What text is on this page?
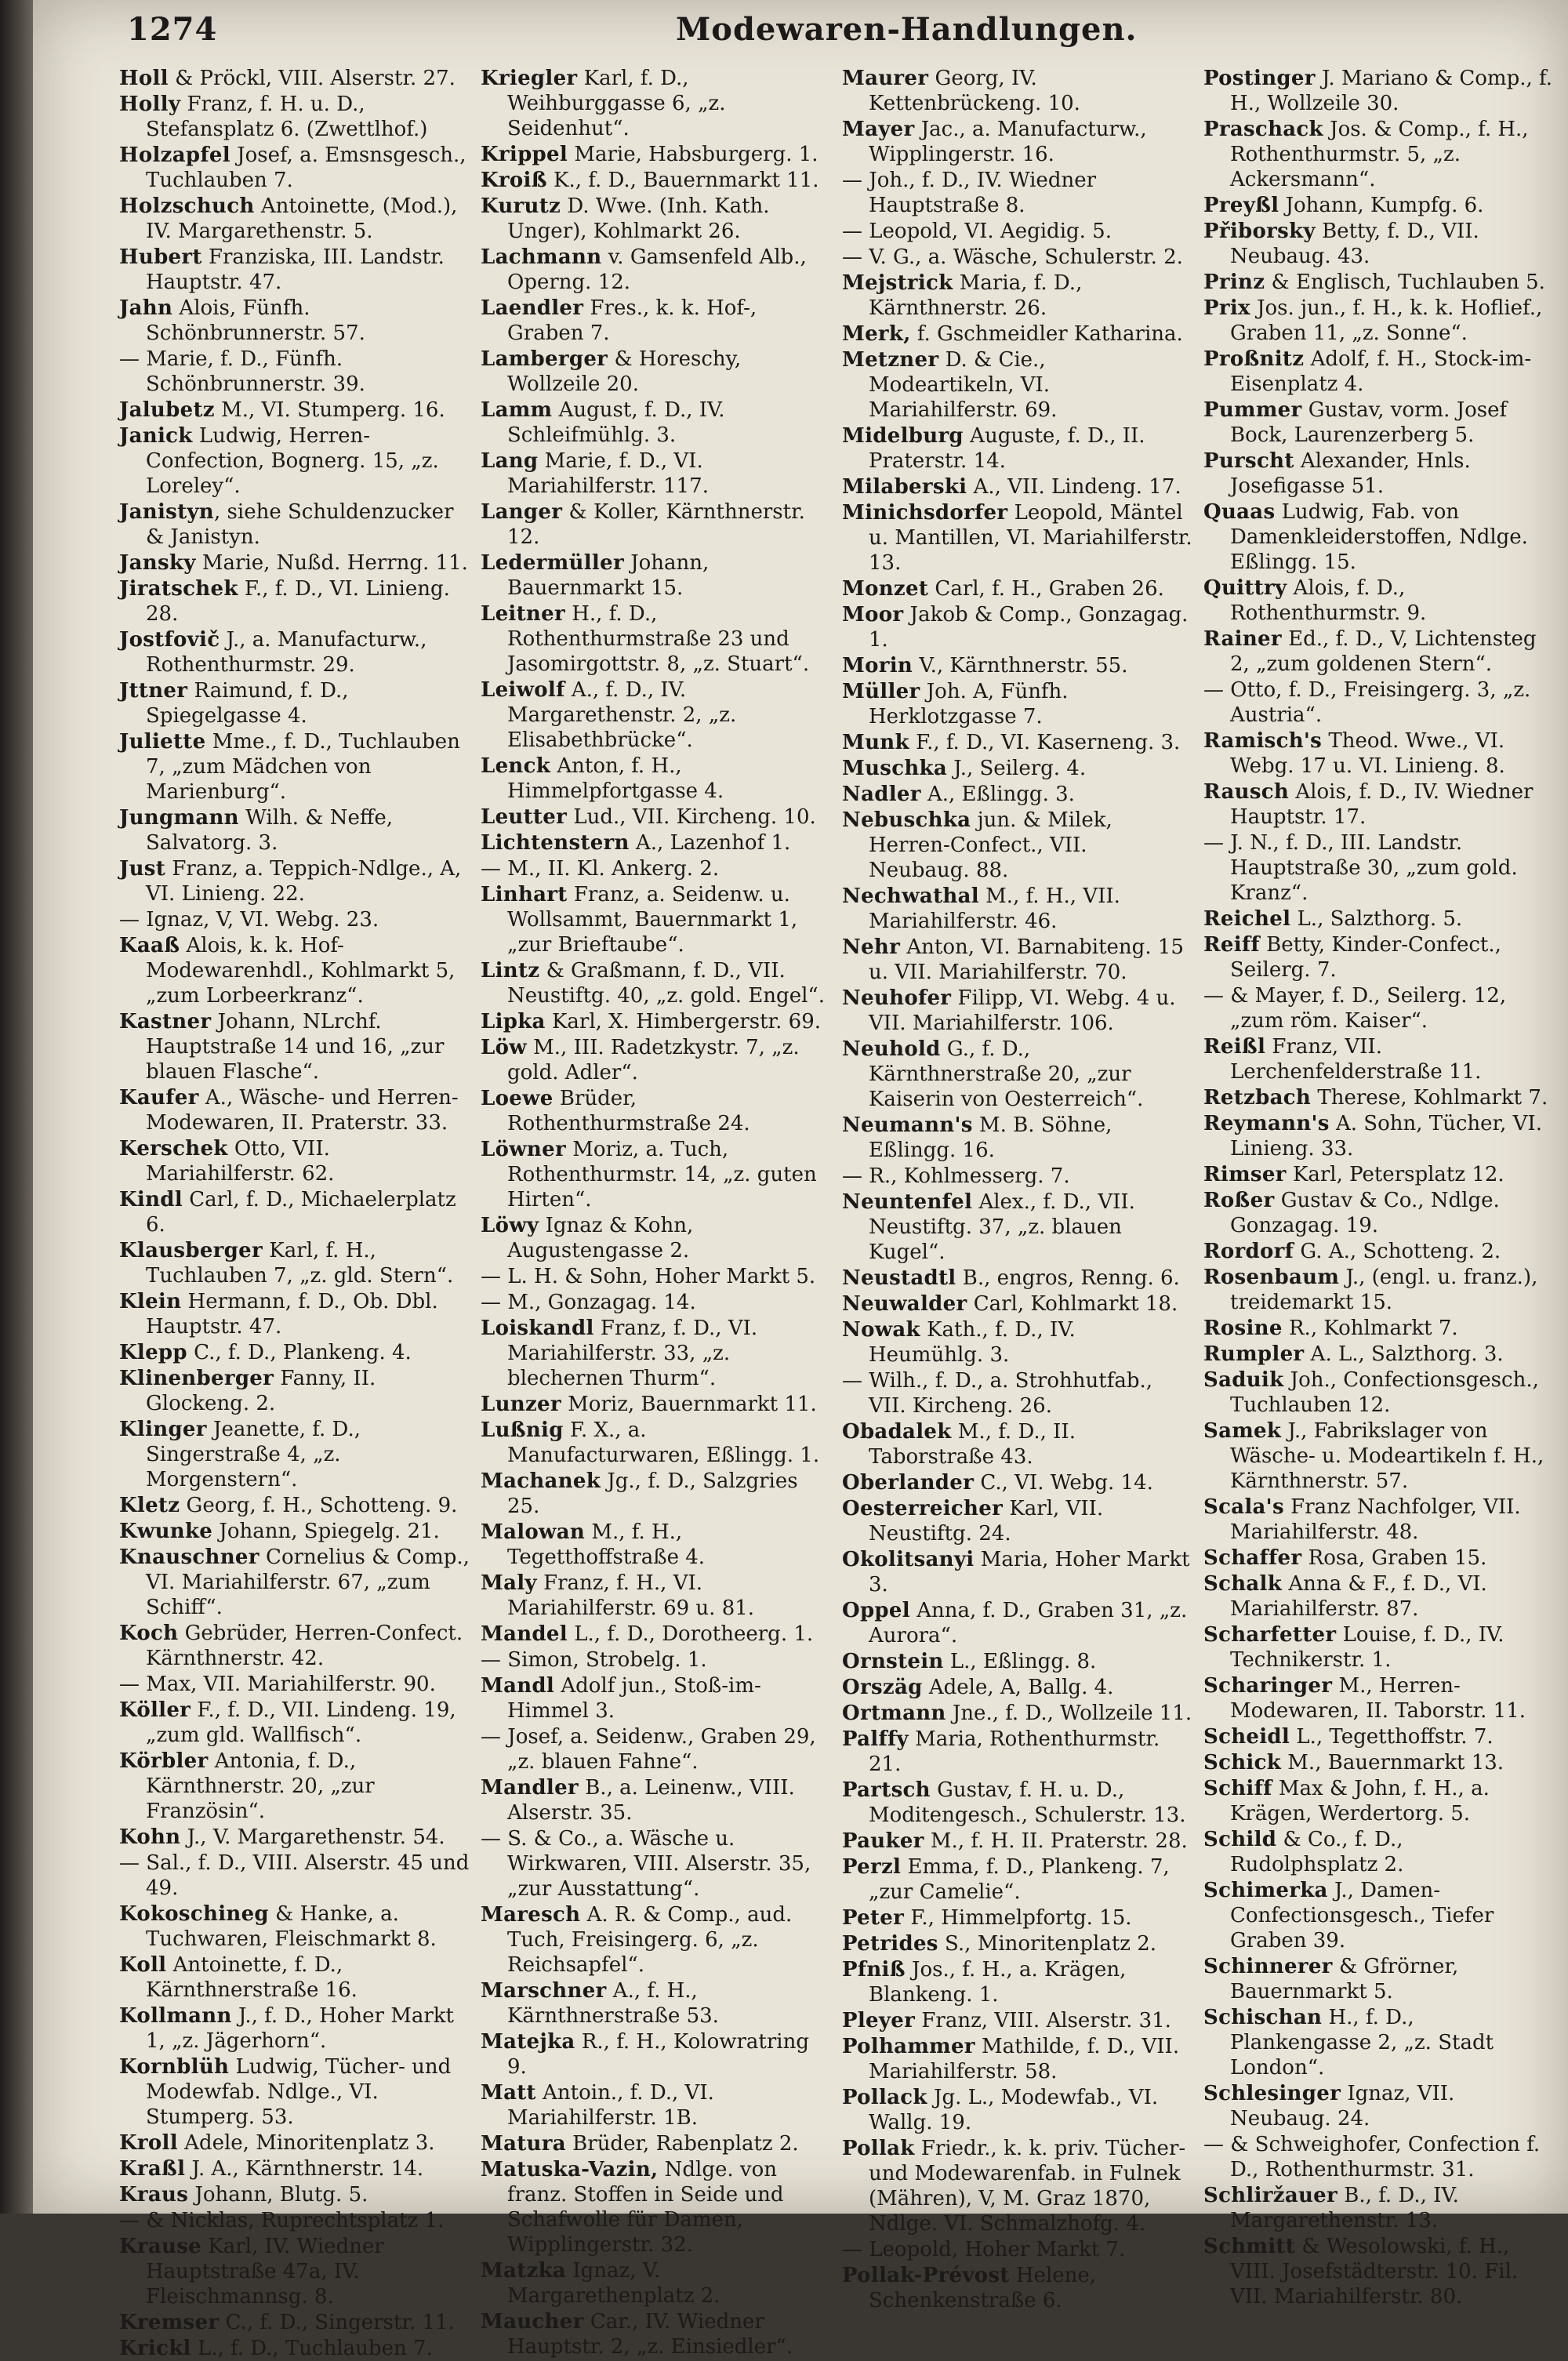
1274	Modewaren-Handlungen.
Holl & Pröckl, VIII. Alserstr. 27.
Holly Franz, f. H. u. D., Stefansplatz 6. (Zwettlhof.)
Holzapfel Josef, a. Emsnsgesch., Tuchlauben 7.
Holzschuch Antoinette, (Mod.), IV. Margarethenstr. 5.
Hubert Franziska, III. Landstr. Hauptstr. 47.
Jahn Alois, Fünfh. Schönbrunnerstr. 57.
— Marie, f. D., Fünfh. Schönbrunnerstr. 39.
Jalubetz M., VI. Stumperg. 16.
Janick Ludwig, Herren-Confection, Bognerg. 15, „z. Loreley“.
Janistyn, siehe Schuldenzucker & Janistyn.
Jansky Marie, Nußd. Herrng. 11.
Jiratschek F., f. D., VI. Linieng. 28.
Jostfovič J., a. Manufacturw., Rothenthurmstr. 29.
Jttner Raimund, f. D., Spiegelgasse 4.
Juliette Mme., f. D., Tuchlauben 7, „zum Mädchen von Marienburg“.
Jungmann Wilh. & Neffe, Salvatorg. 3.
Just Franz, a. Teppich-Ndlge., A, VI. Linieng. 22.
— Ignaz, V, VI. Webg. 23.
Kaaß Alois, k. k. Hof-Modewarenhdl., Kohlmarkt 5, „zum Lorbeerkranz“.
Kastner Johann, NLrchf. Hauptstraße 14 und 16, „zur blauen Flasche“.
Kaufer A., Wäsche- und Herren-Modewaren, II. Praterstr. 33.
Kerschek Otto, VII. Mariahilferstr. 62.
Kindl Carl, f. D., Michaelerplatz 6.
Klausberger Karl, f. H., Tuchlauben 7, „z. gld. Stern“.
Klein Hermann, f. D., Ob. Dbl. Hauptstr. 47.
Klepp C., f. D., Plankeng. 4.
Klinenberger Fanny, II. Glockeng. 2.
Klinger Jeanette, f. D., Singerstraße 4, „z. Morgenstern“.
Kletz Georg, f. H., Schotteng. 9.
Kwunke Johann, Spiegelg. 21.
Knauschner Cornelius & Comp., VI. Mariahilferstr. 67, „zum Schiff“.
Koch Gebrüder, Herren-Confect. Kärnthnerstr. 42.
— Max, VII. Mariahilferstr. 90.
Köller F., f. D., VII. Lindeng. 19, „zum gld. Wallfisch“.
Körbler Antonia, f. D., Kärnthnerstr. 20, „zur Französin“.
Kohn J., V. Margarethenstr. 54.
— Sal., f. D., VIII. Alserstr. 45 und 49.
Kokoschineg & Hanke, a. Tuchwaren, Fleischmarkt 8.
Koll Antoinette, f. D., Kärnthnerstraße 16.
Kollmann J., f. D., Hoher Markt 1, „z. Jägerhorn“.
Kornblüh Ludwig, Tücher- und Modewfab. Ndlge., VI. Stumperg. 53.
Kroll Adele, Minoritenplatz 3.
Kraßl J. A., Kärnthnerstr. 14.
Kraus Johann, Blutg. 5.
— & Nicklas, Ruprechtsplatz 1.
Krause Karl, IV. Wiedner Hauptstraße 47a, IV. Fleischmannsg. 8.
Kremser C., f. D., Singerstr. 11.
Krickl L., f. D., Tuchlauben 7.
Kriegler Karl, f. D., Weihburggasse 6, „z. Seidenhut“.
Krippel Marie, Habsburgerg. 1.
Kroiß K., f. D., Bauernmarkt 11.
Kurutz D. Wwe. (Inh. Kath. Unger), Kohlmarkt 26.
Lachmann v. Gamsenfeld Alb., Operng. 12.
Laendler Fres., k. k. Hof-, Graben 7.
Lamberger & Horeschy, Wollzeile 20.
Lamm August, f. D., IV. Schleifmühlg. 3.
Lang Marie, f. D., VI. Mariahilferstr. 117.
Langer & Koller, Kärnthnerstr. 12.
Ledermüller Johann, Bauernmarkt 15.
Leitner H., f. D., Rothenthurmstraße 23 und Jasomirgottstr. 8, „z. Stuart“.
Leiwolf A., f. D., IV. Margarethenstr. 2, „z. Elisabethbrücke“.
Lenck Anton, f. H., Himmelpfortgasse 4.
Leutter Lud., VII. Kircheng. 10.
Lichtenstern A., Lazenhof 1.
— M., II. Kl. Ankerg. 2.
Linhart Franz, a. Seidenw. u. Wollsammt, Bauernmarkt 1, „zur Brieftaube“.
Lintz & Graßmann, f. D., VII. Neustiftg. 40, „z. gold. Engel“.
Lipka Karl, X. Himbergerstr. 69.
Löw M., III. Radetzkystr. 7, „z. gold. Adler“.
Loewe Brüder, Rothenthurmstraße 24.
Löwner Moriz, a. Tuch, Rothenthurmstr. 14, „z. guten Hirten“.
Löwy Ignaz & Kohn, Augustengasse 2.
— L. H. & Sohn, Hoher Markt 5.
— M., Gonzagag. 14.
Loiskandl Franz, f. D., VI. Mariahilferstr. 33, „z. blechernen Thurm“.
Lunzer Moriz, Bauernmarkt 11.
Lußnig F. X., a. Manufacturwaren, Eßlingg. 1.
Machanek Jg., f. D., Salzgries 25.
Malowan M., f. H., Tegetthoffstraße 4.
Maly Franz, f. H., VI. Mariahilferstr. 69 u. 81.
Mandel L., f. D., Dorotheerg. 1.
— Simon, Strobelg. 1.
Mandl Adolf jun., Stoß-im-Himmel 3.
— Josef, a. Seidenw., Graben 29, „z. blauen Fahne“.
Mandler B., a. Leinenw., VIII. Alserstr. 35.
— S. & Co., a. Wäsche u. Wirkwaren, VIII. Alserstr. 35, „zur Ausstattung“.
Maresch A. R. & Comp., aud. Tuch, Freisingerg. 6, „z. Reichsapfel“.
Marschner A., f. H., Kärnthnerstraße 53.
Matejka R., f. H., Kolowratring 9.
Matt Antoin., f. D., VI. Mariahilferstr. 1B.
Matura Brüder, Rabenplatz 2.
Matuska-Vazin, Ndlge. von franz. Stoffen in Seide und Schafwolle für Damen, Wipplingerstr. 32.
Matzka Ignaz, V. Margarethenplatz 2.
Maucher Car., IV. Wiedner Hauptstr. 2, „z. Einsiedler“.
Maurer Georg, IV. Kettenbrückeng. 10.
Mayer Jac., a. Manufacturw., Wipplingerstr. 16.
— Joh., f. D., IV. Wiedner Hauptstraße 8.
— Leopold, VI. Aegidig. 5.
— V. G., a. Wäsche, Schulerstr. 2.
Mejstrick Maria, f. D., Kärnthnerstr. 26.
Merk, f. Gschmeidler Katharina.
Metzner D. & Cie., Modeartikeln, VI. Mariahilferstr. 69.
Midelburg Auguste, f. D., II. Praterstr. 14.
Milaberski A., VII. Lindeng. 17.
Minichsdorfer Leopold, Mäntel u. Mantillen, VI. Mariahilferstr. 13.
Monzet Carl, f. H., Graben 26.
Moor Jakob & Comp., Gonzagag. 1.
Morin V., Kärnthnerstr. 55.
Müller Joh. A, Fünfh. Herklotzgasse 7.
Munk F., f. D., VI. Kaserneng. 3.
Muschka J., Seilerg. 4.
Nadler A., Eßlingg. 3.
Nebuschka jun. & Milek, Herren-Confect., VII. Neubaug. 88.
Nechwathal M., f. H., VII. Mariahilferstr. 46.
Nehr Anton, VI. Barnabiteng. 15 u. VII. Mariahilferstr. 70.
Neuhofer Filipp, VI. Webg. 4 u. VII. Mariahilferstr. 106.
Neuhold G., f. D., Kärnthnerstraße 20, „zur Kaiserin von Oesterreich“.
Neumann's M. B. Söhne, Eßlingg. 16.
— R., Kohlmesserg. 7.
Neuntenfel Alex., f. D., VII. Neustiftg. 37, „z. blauen Kugel“.
Neustadtl B., engros, Renng. 6.
Neuwalder Carl, Kohlmarkt 18.
Nowak Kath., f. D., IV. Heumühlg. 3.
— Wilh., f. D., a. Strohhutfab., VII. Kircheng. 26.
Obadalek M., f. D., II. Taborstraße 43.
Oberlander C., VI. Webg. 14.
Oesterreicher Karl, VII. Neustiftg. 24.
Okolitsanyi Maria, Hoher Markt 3.
Oppel Anna, f. D., Graben 31, „z. Aurora“.
Ornstein L., Eßlingg. 8.
Orszäg Adele, A, Ballg. 4.
Ortmann Jne., f. D., Wollzeile 11.
Palffy Maria, Rothenthurmstr. 21.
Partsch Gustav, f. H. u. D., Moditengesch., Schulerstr. 13.
Pauker M., f. H. II. Praterstr. 28.
Perzl Emma, f. D., Plankeng. 7, „zur Camelie“.
Peter F., Himmelpfortg. 15.
Petrides S., Minoritenplatz 2.
Pfniß Jos., f. H., a. Krägen, Blankeng. 1.
Pleyer Franz, VIII. Alserstr. 31.
Polhammer Mathilde, f. D., VII. Mariahilferstr. 58.
Pollack Jg. L., Modewfab., VI. Wallg. 19.
Pollak Friedr., k. k. priv. Tücher- und Modewarenfab. in Fulnek (Mähren), V, M. Graz 1870, Ndlge. VI. Schmalzhofg. 4.
— Leopold, Hoher Markt 7.
Pollak-Prévost Helene, Schenkenstraße 6.
Postinger J. Mariano & Comp., f. H., Wollzeile 30.
Praschack Jos. & Comp., f. H., Rothenthurmstr. 5, „z. Ackersmann“.
Preyßl Johann, Kumpfg. 6.
Přiborsky Betty, f. D., VII. Neubaug. 43.
Prinz & Englisch, Tuchlauben 5.
Prix Jos. jun., f. H., k. k. Hoflief., Graben 11, „z. Sonne“.
Proßnitz Adolf, f. H., Stock-im-Eisenplatz 4.
Pummer Gustav, vorm. Josef Bock, Laurenzerberg 5.
Purscht Alexander, Hnls. Josefigasse 51.
Quaas Ludwig, Fab. von Damenkleiderstoffen, Ndlge. Eßlingg. 15.
Quittry Alois, f. D., Rothenthurmstr. 9.
Rainer Ed., f. D., V, Lichtensteg 2, „zum goldenen Stern“.
— Otto, f. D., Freisingerg. 3, „z. Austria“.
Ramisch's Theod. Wwe., VI. Webg. 17 u. VI. Linieng. 8.
Rausch Alois, f. D., IV. Wiedner Hauptstr. 17.
— J. N., f. D., III. Landstr. Hauptstraße 30, „zum gold. Kranz“.
Reichel L., Salzthorg. 5.
Reiff Betty, Kinder-Confect., Seilerg. 7.
— & Mayer, f. D., Seilerg. 12, „zum röm. Kaiser“.
Reißl Franz, VII. Lerchenfelderstraße 11.
Retzbach Therese, Kohlmarkt 7.
Reymann's A. Sohn, Tücher, VI. Linieng. 33.
Rimser Karl, Petersplatz 12.
Roßer Gustav & Co., Ndlge. Gonzagag. 19.
Rordorf G. A., Schotteng. 2.
Rosenbaum J., (engl. u. franz.), treidemarkt 15.
Rosine R., Kohlmarkt 7.
Rumpler A. L., Salzthorg. 3.
Saduik Joh., Confectionsgesch., Tuchlauben 12.
Samek J., Fabrikslager von Wäsche- u. Modeartikeln f. H., Kärnthnerstr. 57.
Scala's Franz Nachfolger, VII. Mariahilferstr. 48.
Schaffer Rosa, Graben 15.
Schalk Anna & F., f. D., VI. Mariahilferstr. 87.
Scharfetter Louise, f. D., IV. Technikerstr. 1.
Scharinger M., Herren-Modewaren, II. Taborstr. 11.
Scheidl L., Tegetthoffstr. 7.
Schick M., Bauernmarkt 13.
Schiff Max & John, f. H., a. Krägen, Werdertorg. 5.
Schild & Co., f. D., Rudolphsplatz 2.
Schimerka J., Damen-Confectionsgesch., Tiefer Graben 39.
Schinnerer & Gfrörner, Bauernmarkt 5.
Schischan H., f. D., Plankengasse 2, „z. Stadt London“.
Schlesinger Ignaz, VII. Neubaug. 24.
— & Schweighofer, Confection f. D., Rothenthurmstr. 31.
Schliržauer B., f. D., IV. Margarethenstr. 13.
Schmitt & Wesolowski, f. H., VIII. Josefstädterstr. 10. Fil. VII. Mariahilferstr. 80.
